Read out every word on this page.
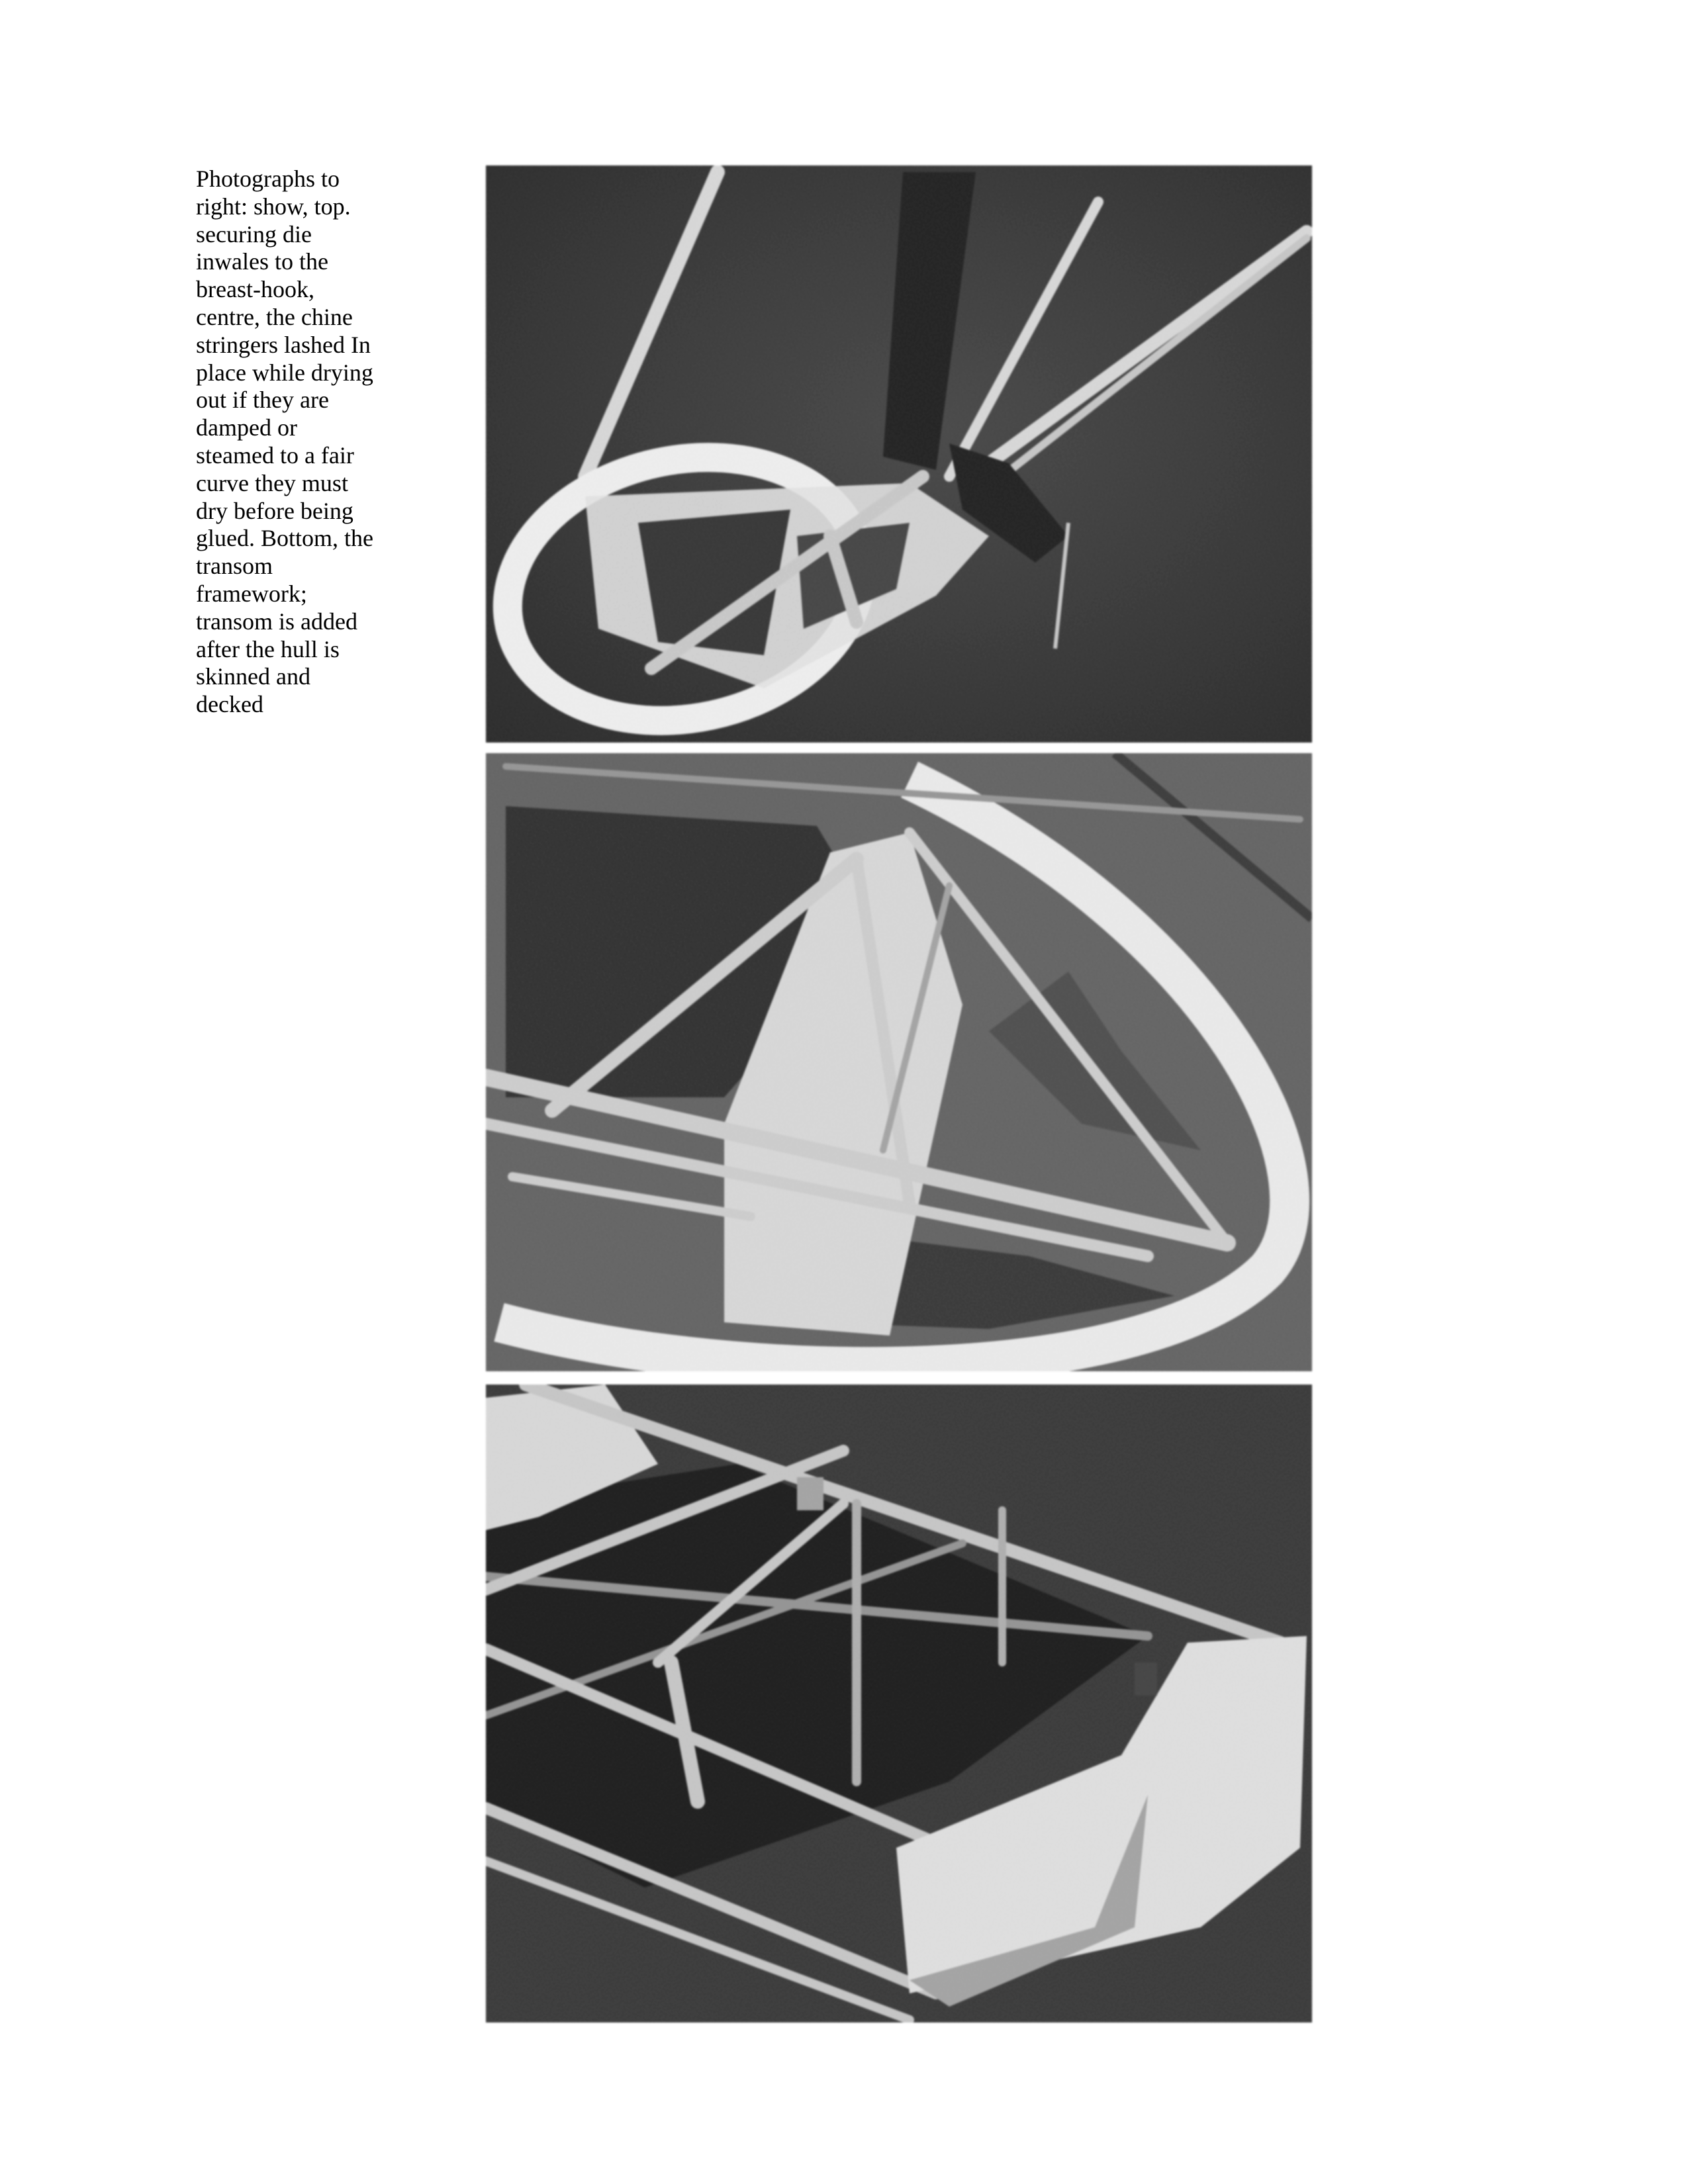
Photographs to
right: show, top.
securing die
inwales to the
breast-hook,
centre, the chine
stringers lashed In
place while drying
out if they are
damped or
steamed to a fair
curve they must
dry before being
glued. Bottom, the
transom
framework;
transom is added
after the hull is
skinned and
decked
